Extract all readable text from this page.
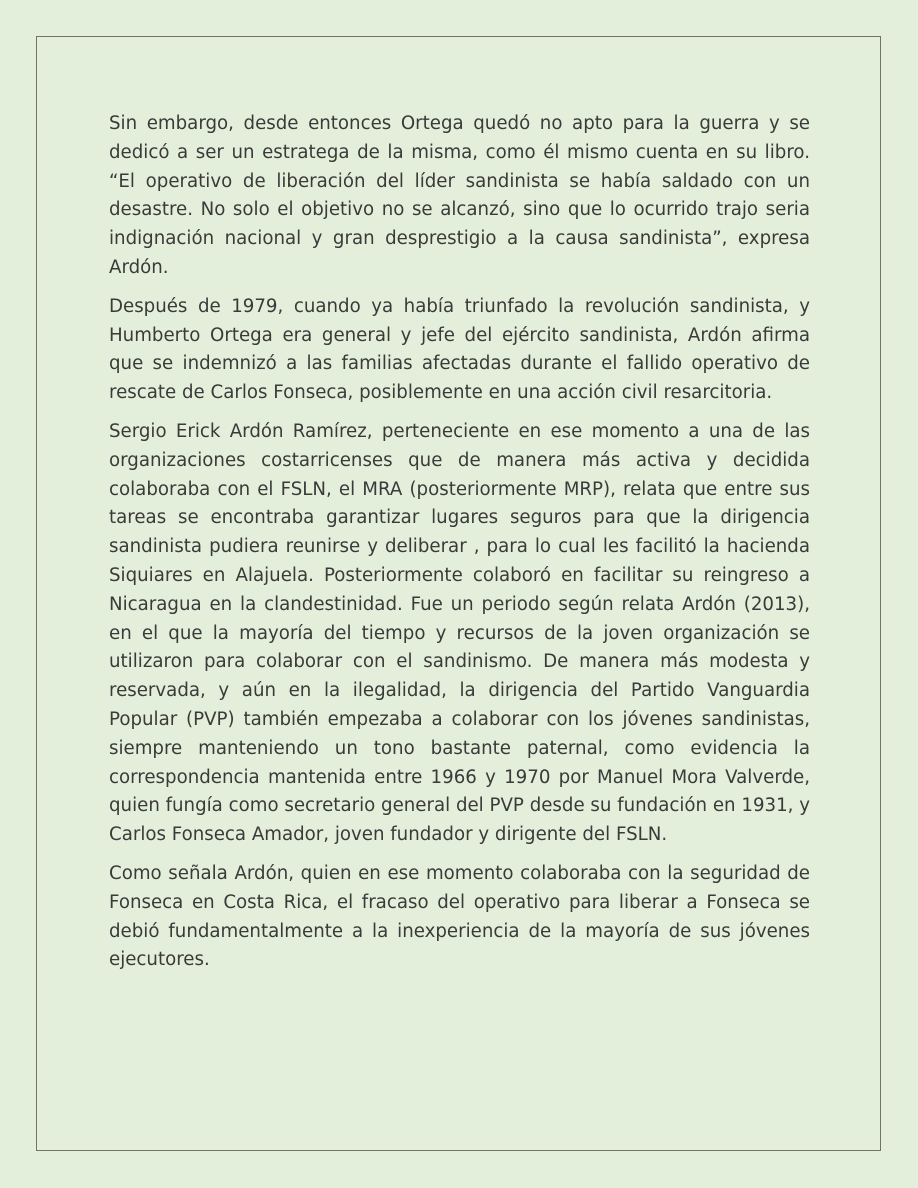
Sin embargo, desde entonces Ortega quedó no apto para la guerra y se dedicó a ser un estratega de la misma, como él mismo cuenta en su libro. “El operativo de liberación del líder sandinista se había saldado con un desastre. No solo el objetivo no se alcanzó, sino que lo ocurrido trajo seria indignación nacional y gran desprestigio a la causa sandinista”, expresa Ardón.

Después de 1979, cuando ya había triunfado la revolución sandinista, y Humberto Ortega era general y jefe del ejército sandinista, Ardón afirma que se indemnizó a las familias afectadas durante el fallido operativo de rescate de Carlos Fonseca, posiblemente en una acción civil resarcitoria.

Sergio Erick Ardón Ramírez, perteneciente en ese momento a una de las organizaciones costarricenses que de manera más activa y decidida colaboraba con el FSLN, el MRA (posteriormente MRP), relata que entre sus tareas se encontraba garantizar lugares seguros para que la dirigencia sandinista pudiera reunirse y deliberar , para lo cual les facilitó la hacienda Siquiares en Alajuela. Posteriormente colaboró en facilitar su reingreso a Nicaragua en la clandestinidad. Fue un periodo según relata Ardón (2013), en el que la mayoría del tiempo y recursos de la joven organización se utilizaron para colaborar con el sandinismo. De manera más modesta y reservada, y aún en la ilegalidad, la dirigencia del Partido Vanguardia Popular (PVP) también empezaba a colaborar con los jóvenes sandinistas, siempre manteniendo un tono bastante paternal, como evidencia la correspondencia mantenida entre 1966 y 1970 por Manuel Mora Valverde, quien fungía como secretario general del PVP desde su fundación en 1931, y Carlos Fonseca Amador, joven fundador y dirigente del FSLN.

Como señala Ardón, quien en ese momento colaboraba con la seguridad de Fonseca en Costa Rica, el fracaso del operativo para liberar a Fonseca se debió fundamentalmente a la inexperiencia de la mayoría de sus jóvenes ejecutores.
